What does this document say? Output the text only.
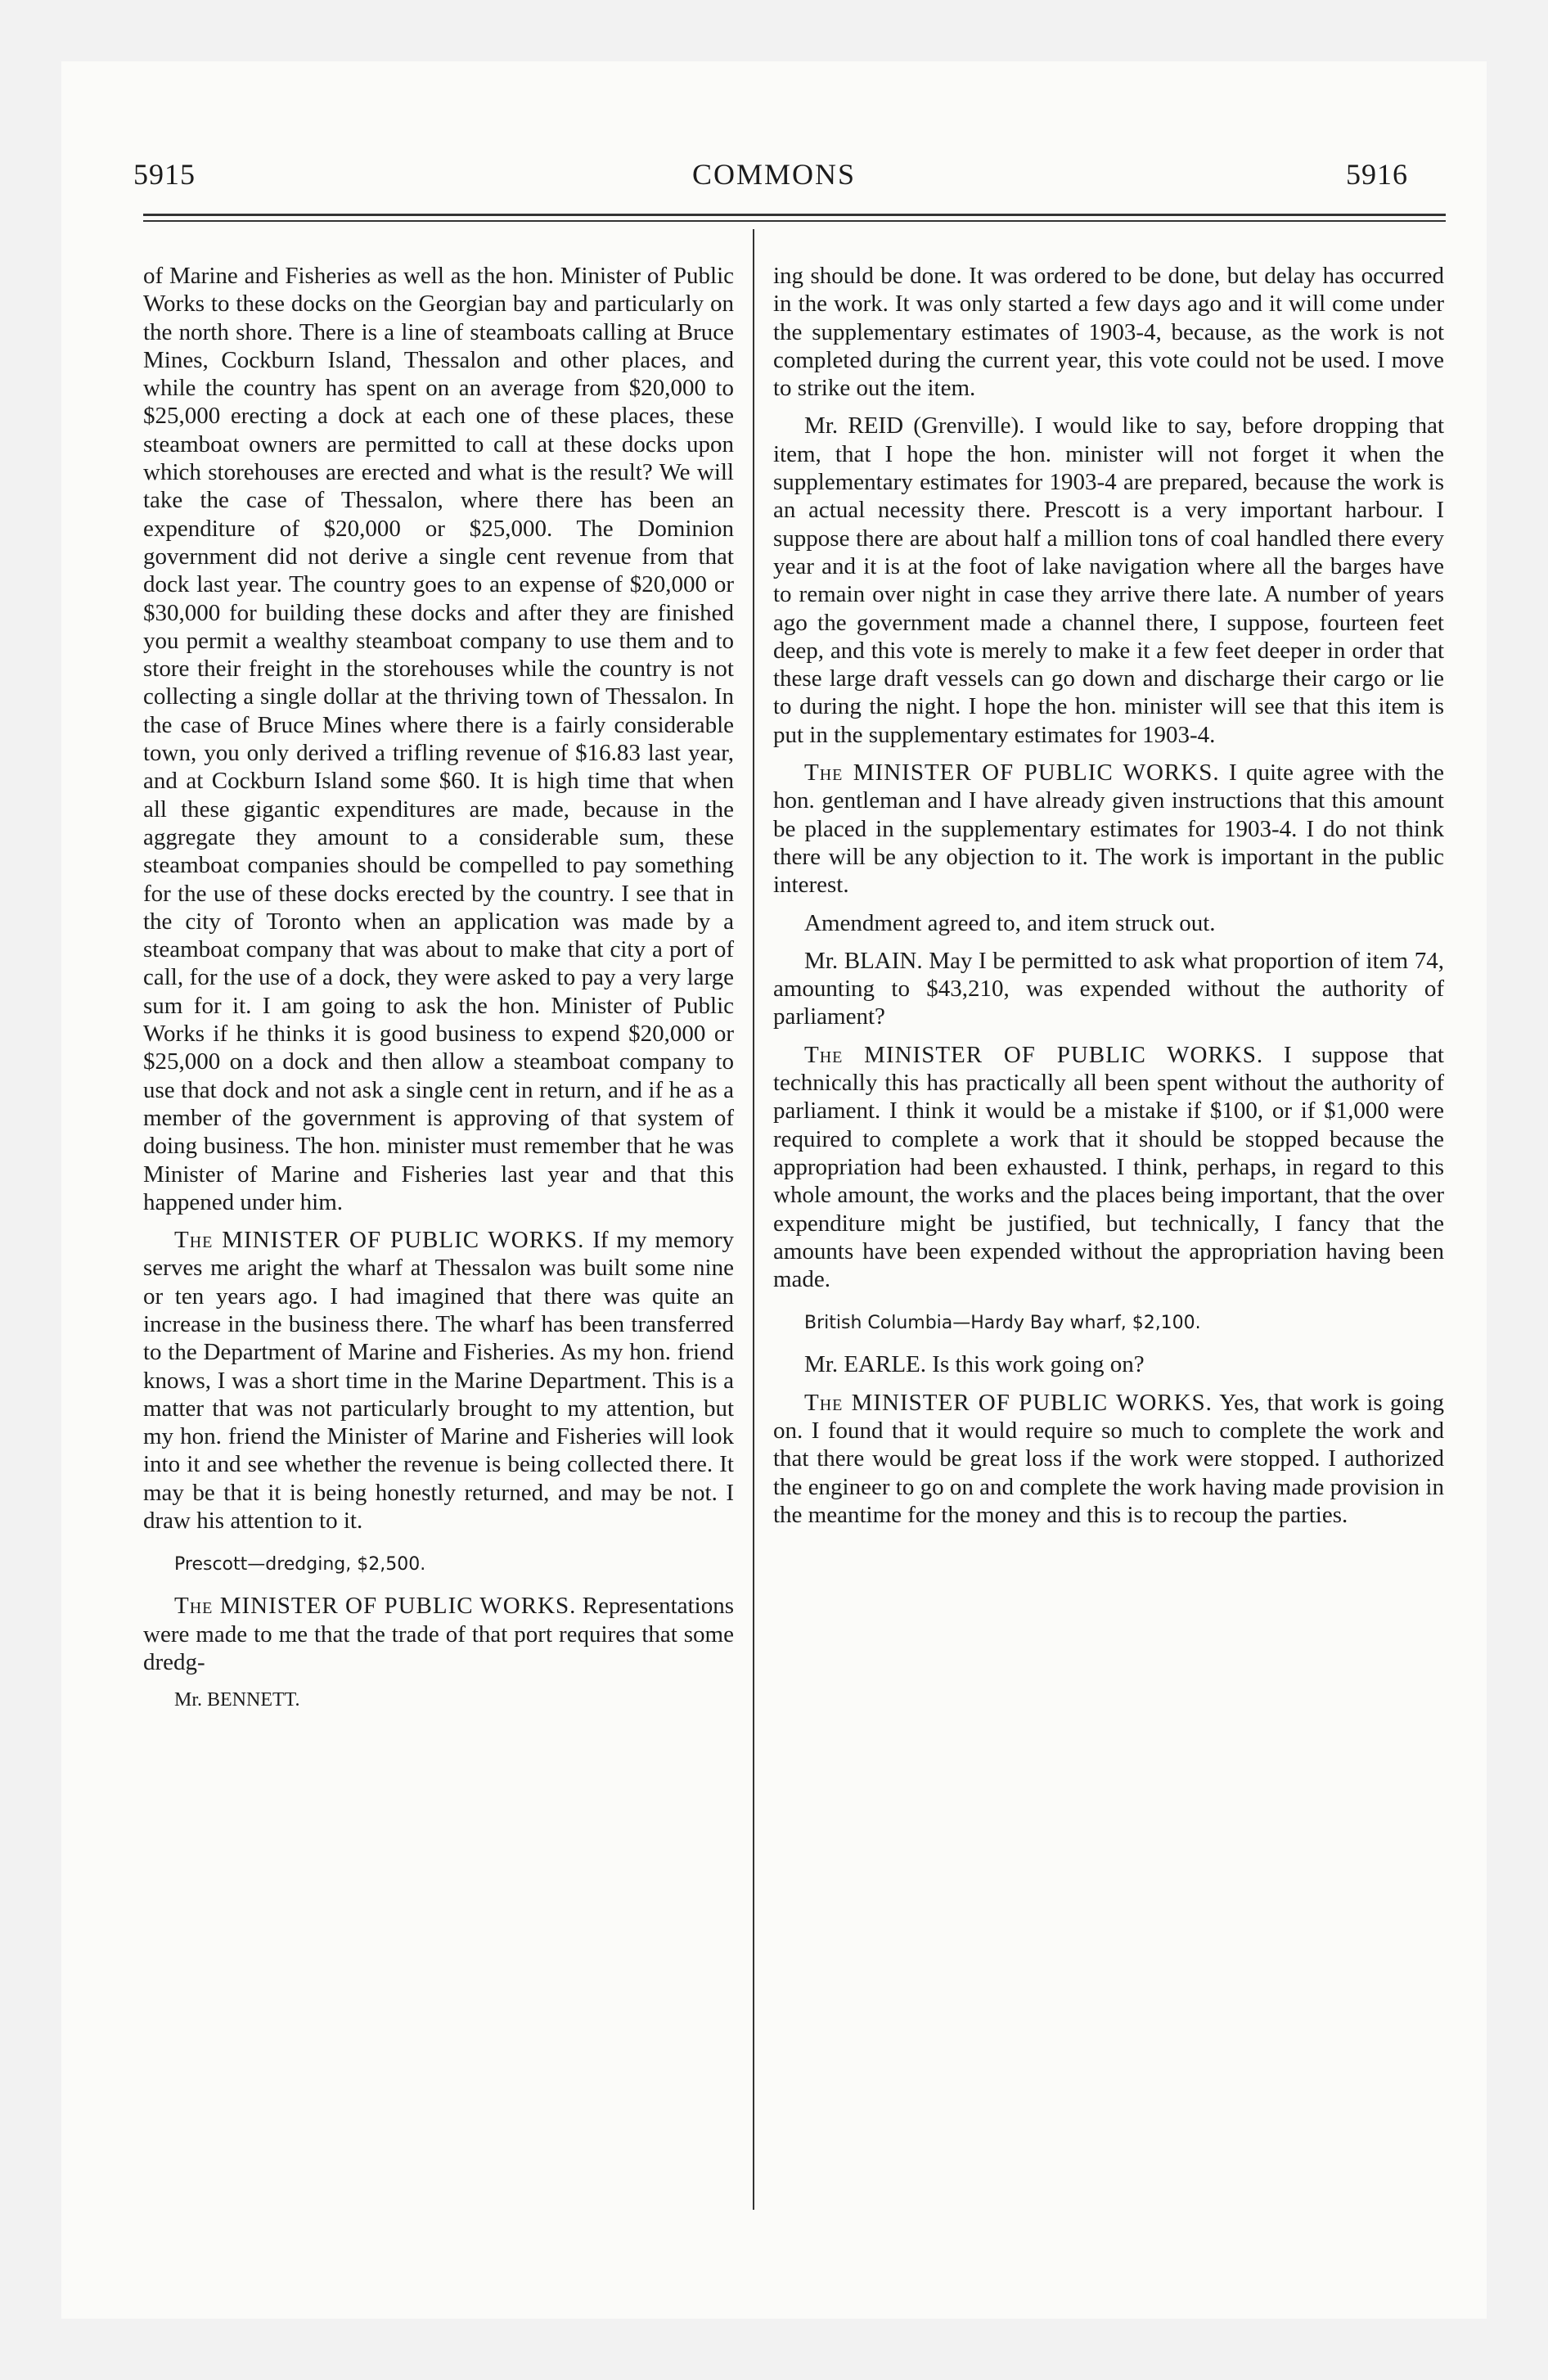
5915	COMMONS	5916

of Marine and Fisheries as well as the hon. Minister of Public Works to these docks on the Georgian bay and particularly on the north shore. There is a line of steamboats calling at Bruce Mines, Cockburn Island, Thessalon and other places, and while the country has spent on an average from $20,000 to $25,000 erecting a dock at each one of these places, these steamboat owners are permitted to call at these docks upon which storehouses are erected and what is the result? We will take the case of Thessalon, where there has been an expenditure of $20,000 or $25,000. The Dominion government did not derive a single cent revenue from that dock last year. The country goes to an expense of $20,000 or $30,000 for building these docks and after they are finished you permit a wealthy steamboat company to use them and to store their freight in the storehouses while the country is not collecting a single dollar at the thriving town of Thessalon. In the case of Bruce Mines where there is a fairly considerable town, you only derived a trifling revenue of $16.83 last year, and at Cockburn Island some $60. It is high time that when all these gigantic expenditures are made, because in the aggregate they amount to a considerable sum, these steamboat companies should be compelled to pay something for the use of these docks erected by the country. I see that in the city of Toronto when an application was made by a steamboat company that was about to make that city a port of call, for the use of a dock, they were asked to pay a very large sum for it. I am going to ask the hon. Minister of Public Works if he thinks it is good business to expend $20,000 or $25,000 on a dock and then allow a steamboat company to use that dock and not ask a single cent in return, and if he as a member of the government is approving of that system of doing business. The hon. minister must remember that he was Minister of Marine and Fisheries last year and that this happened under him.

The MINISTER OF PUBLIC WORKS. If my memory serves me aright the wharf at Thessalon was built some nine or ten years ago. I had imagined that there was quite an increase in the business there. The wharf has been transferred to the Department of Marine and Fisheries. As my hon. friend knows, I was a short time in the Marine Department. This is a matter that was not particularly brought to my attention, but my hon. friend the Minister of Marine and Fisheries will look into it and see whether the revenue is being collected there. It may be that it is being honestly returned, and may be not. I draw his attention to it.

Prescott—dredging, $2,500.

The MINISTER OF PUBLIC WORKS. Representations were made to me that the trade of that port requires that some dredg-

Mr. BENNETT.

ing should be done. It was ordered to be done, but delay has occurred in the work. It was only started a few days ago and it will come under the supplementary estimates of 1903-4, because, as the work is not completed during the current year, this vote could not be used. I move to strike out the item.

Mr. REID (Grenville). I would like to say, before dropping that item, that I hope the hon. minister will not forget it when the supplementary estimates for 1903-4 are prepared, because the work is an actual necessity there. Prescott is a very important harbour. I suppose there are about half a million tons of coal handled there every year and it is at the foot of lake navigation where all the barges have to remain over night in case they arrive there late. A number of years ago the government made a channel there, I suppose, fourteen feet deep, and this vote is merely to make it a few feet deeper in order that these large draft vessels can go down and discharge their cargo or lie to during the night. I hope the hon. minister will see that this item is put in the supplementary estimates for 1903-4.

The MINISTER OF PUBLIC WORKS. I quite agree with the hon. gentleman and I have already given instructions that this amount be placed in the supplementary estimates for 1903-4. I do not think there will be any objection to it. The work is important in the public interest.

Amendment agreed to, and item struck out.

Mr. BLAIN. May I be permitted to ask what proportion of item 74, amounting to $43,210, was expended without the authority of parliament?

The MINISTER OF PUBLIC WORKS. I suppose that technically this has practically all been spent without the authority of parliament. I think it would be a mistake if $100, or if $1,000 were required to complete a work that it should be stopped because the appropriation had been exhausted. I think, perhaps, in regard to this whole amount, the works and the places being important, that the over expenditure might be justified, but technically, I fancy that the amounts have been expended without the appropriation having been made.

British Columbia—Hardy Bay wharf, $2,100.

Mr. EARLE. Is this work going on?

The MINISTER OF PUBLIC WORKS. Yes, that work is going on. I found that it would require so much to complete the work and that there would be great loss if the work were stopped. I authorized the engineer to go on and complete the work having made provision in the meantime for the money and this is to recoup the parties.
